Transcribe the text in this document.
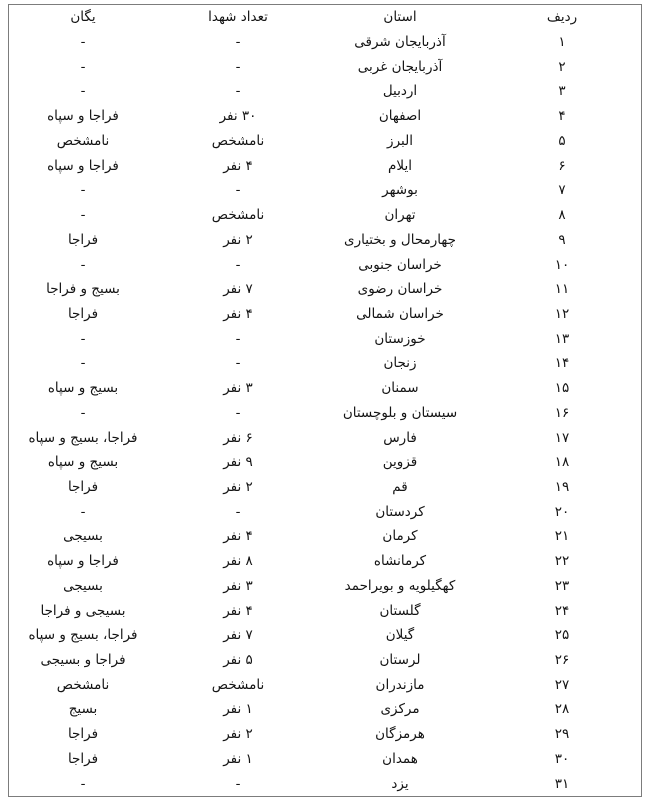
ردیف	استان	تعداد شهدا	یگان
۱	آذربایجان شرقی	-	-
۲	آذربایجان غربی	-	-
۳	اردبیل	-	-
۴	اصفهان	۳۰ نفر	فراجا و سپاه
۵	البرز	نامشخص	نامشخص
۶	ایلام	۴ نفر	فراجا و سپاه
۷	بوشهر	-	-
۸	تهران	نامشخص	-
۹	چهارمحال و بختیاری	۲ نفر	فراجا
۱۰	خراسان جنوبی	-	-
۱۱	خراسان رضوی	۷ نفر	بسیج و فراجا
۱۲	خراسان شمالی	۴ نفر	فراجا
۱۳	خوزستان	-	-
۱۴	زنجان	-	-
۱۵	سمنان	۳ نفر	بسیج و سپاه
۱۶	سیستان و بلوچستان	-	-
۱۷	فارس	۶ نفر	فراجا، بسیج و سپاه
۱۸	قزوین	۹ نفر	بسیج و سپاه
۱۹	قم	۲ نفر	فراجا
۲۰	کردستان	-	-
۲۱	کرمان	۴ نفر	بسیجی
۲۲	کرمانشاه	۸ نفر	فراجا و سپاه
۲۳	کهگیلویه و بویراحمد	۳ نفر	بسیجی
۲۴	گلستان	۴ نفر	بسیجی و فراجا
۲۵	گیلان	۷ نفر	فراجا، بسیج و سپاه
۲۶	لرستان	۵ نفر	فراجا و بسیجی
۲۷	مازندران	نامشخص	نامشخص
۲۸	مرکزی	۱ نفر	بسیج
۲۹	هرمزگان	۲ نفر	فراجا
۳۰	همدان	۱ نفر	فراجا
۳۱	یزد	-	-
